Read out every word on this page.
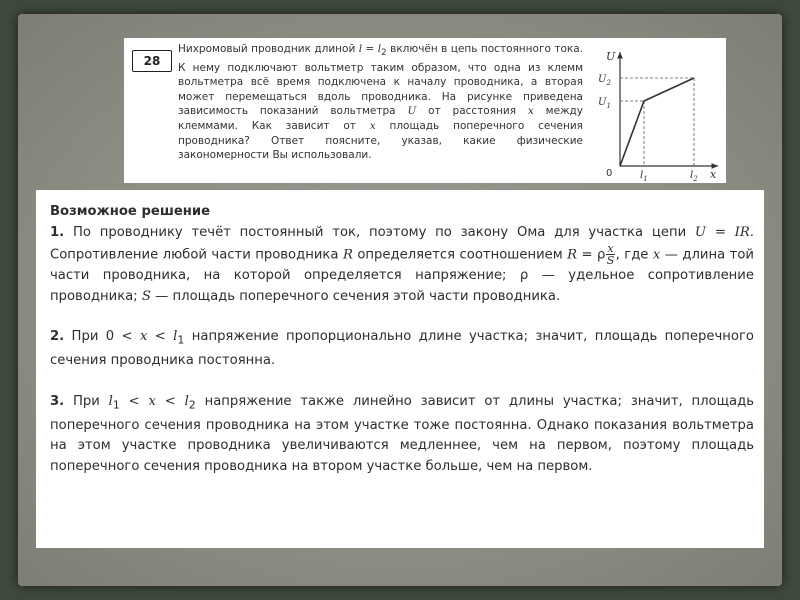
28
Нихромовый проводник длиной $l = l_2$ включён в цепь постоянного тока. К нему подключают вольтметр таким образом, что одна из клемм вольтметра всё время подключена к началу проводника, а вторая может перемещаться вдоль проводника. На рисунке приведена зависимость показаний вольтметра U от расстояния x между клеммами. Как зависит от x площадь поперечного сечения проводника? Ответ поясните, указав, какие физические закономерности Вы использовали.
U
x
0
$U_2$
$U_1$
$l_1$	$l_2$

Возможное решение

1. По проводнику течёт постоянный ток, поэтому по закону Ома для участка цепи U = IR. Сопротивление любой части проводника R определяется соотношением R = ρ $\frac{x}{S}$ , где x — длина той части проводника, на которой определяется напряжение; ρ — удельное сопротивление проводника; S — площадь поперечного сечения этой части проводника.

2. При $0 < x < l_1$ напряжение пропорционально длине участка; значит, площадь поперечного сечения проводника постоянна.

3. При $l_1 < x < l_2$ напряжение также линейно зависит от длины участка; значит, площадь поперечного сечения проводника на этом участке тоже постоянна. Однако показания вольтметра на этом участке проводника увеличиваются медленнее, чем на первом, поэтому площадь поперечного сечения проводника на втором участке больше, чем на первом.
